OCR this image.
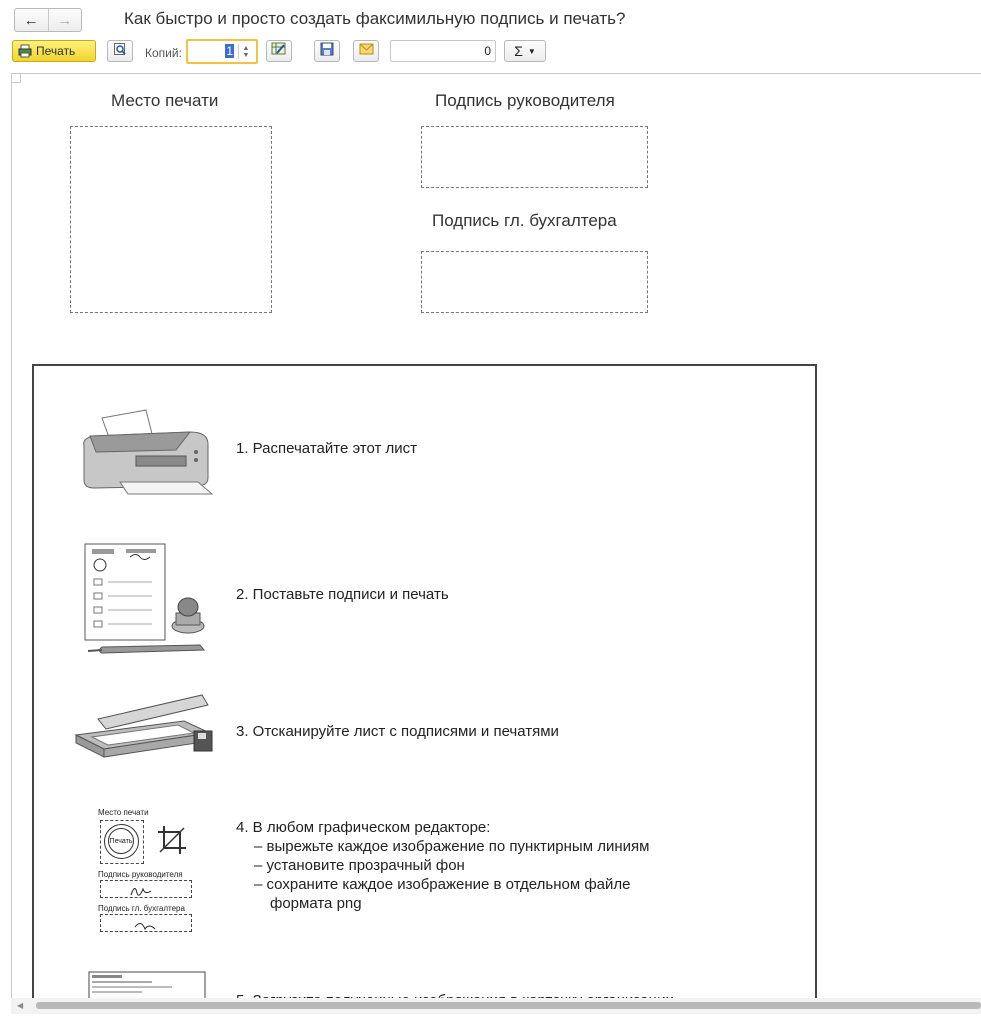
← →	Как быстро и просто создать факсимильную подпись и печать?
Печать	Копий:	1 ▲
▼	0	Σ ▼
Место печати	Подпись руководителя
Подпись гл. бухгалтера
1. Распечатайте этот лист
2. Поставьте подписи и печать
3. Отсканируйте лист с подписями и печатями
Место печати
Печать
Подпись руководителя
Подпись гл. бухгалтера
4. В любом графическом редакторе:
– вырежьте каждое изображение по пунктирным линиям
– установите прозрачный фон
– сохраните каждое изображение в отдельном файле
формата png
◀
